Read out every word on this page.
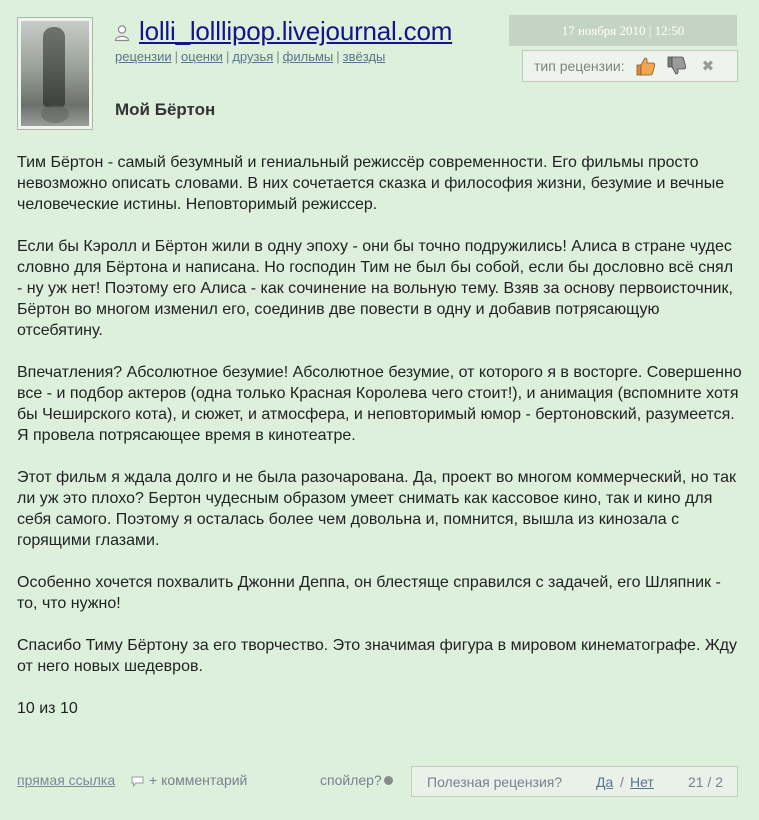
lolli_lolllipop.livejournal.com
рецензии | оценки | друзья | фильмы | звёзды
17 ноября 2010 | 12:50
тип рецензии:	✖
Мой Бёртон

Тим Бёртон - самый безумный и гениальный режиссёр современности. Его фильмы просто невозможно описать словами. В них сочетается сказка и философия жизни, безумие и вечные человеческие истины. Неповторимый режиссер.

Если бы Кэролл и Бёртон жили в одну эпоху - они бы точно подружились! Алиса в стране чудес словно для Бёртона и написана. Но господин Тим не был бы собой, если бы дословно всё снял - ну уж нет! Поэтому его Алиса - как сочинение на вольную тему. Взяв за основу первоисточник, Бёртон во многом изменил его, соединив две повести в одну и добавив потрясающую отсебятину.

Впечатления? Абсолютное безумие! Абсолютное безумие, от которого я в восторге. Совершенно все - и подбор актеров (одна только Красная Королева чего стоит!), и анимация (вспомните хотя бы Чеширского кота), и сюжет, и атмосфера, и неповторимый юмор - бертоновский, разумеется. Я провела потрясающее время в кинотеатре.

Этот фильм я ждала долго и не была разочарована. Да, проект во многом коммерческий, но так ли уж это плохо? Бертон чудесным образом умеет снимать как кассовое кино, так и кино для себя самого. Поэтому я осталась более чем довольна и, помнится, вышла из кинозала с горящими глазами.

Особенно хочется похвалить Джонни Деппа, он блестяще справился с задачей, его Шляпник - то, что нужно!

Спасибо Тиму Бёртону за его творчество. Это значимая фигура в мировом кинематографе. Жду от него новых шедевров.

10 из 10

прямая ссылка + комментарий	спойлер?	Полезная рецензия? Да / Нет 21 / 2
